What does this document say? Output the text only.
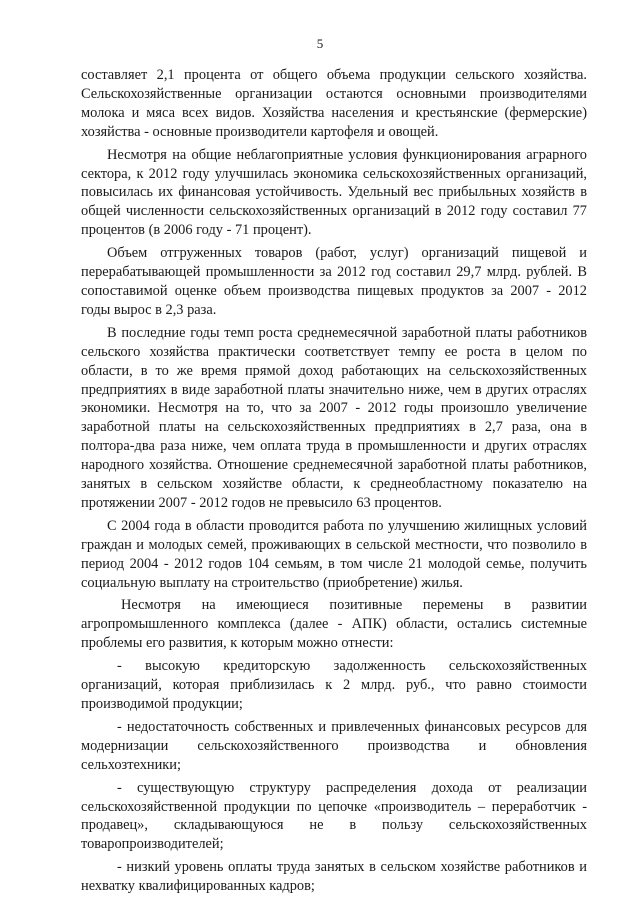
5

составляет 2,1 процента от общего объема продукции сельского хозяйства. Сельскохозяйственные организации остаются основными производителями молока и мяса всех видов. Хозяйства населения и крестьянские (фермерские) хозяйства - основные производители картофеля и овощей.

Несмотря на общие неблагоприятные условия функционирования аграрного сектора, к 2012 году улучшилась экономика сельскохозяйственных организаций, повысилась их финансовая устойчивость. Удельный вес прибыльных хозяйств в общей численности сельскохозяйственных организаций в 2012 году составил 77 процентов (в 2006 году - 71 процент).

Объем отгруженных товаров (работ, услуг) организаций пищевой и перерабатывающей промышленности за 2012 год составил 29,7 млрд. рублей. В сопоставимой оценке объем производства пищевых продуктов за 2007 - 2012 годы вырос в 2,3 раза.

В последние годы темп роста среднемесячной заработной платы работников сельского хозяйства практически соответствует темпу ее роста в целом по области, в то же время прямой доход работающих на сельскохозяйственных предприятиях в виде заработной платы значительно ниже, чем в других отраслях экономики. Несмотря на то, что за 2007 - 2012 годы произошло увеличение заработной платы на сельскохозяйственных предприятиях в 2,7 раза, она в полтора-два раза ниже, чем оплата труда в промышленности и других отраслях народного хозяйства. Отношение среднемесячной заработной платы работников, занятых в сельском хозяйстве области, к среднеобластному показателю на протяжении 2007 - 2012 годов не превысило 63 процентов.

С 2004 года в области проводится работа по улучшению жилищных условий граждан и молодых семей, проживающих в сельской местности, что позволило в период 2004 - 2012 годов 104 семьям, в том числе 21 молодой семье, получить социальную выплату на строительство (приобретение) жилья.

Несмотря на имеющиеся позитивные перемены в развитии агропромышленного комплекса (далее - АПК) области, остались системные проблемы его развития, к которым можно отнести:

- высокую кредиторскую задолженность сельскохозяйственных организаций, которая приблизилась к 2 млрд. руб., что равно стоимости производимой продукции;

- недостаточность собственных и привлеченных финансовых ресурсов для модернизации сельскохозяйственного производства и обновления сельхозтехники;

- существующую структуру распределения дохода от реализации сельскохозяйственной продукции по цепочке «производитель – переработчик - продавец», складывающуюся не в пользу сельскохозяйственных товаропроизводителей;

- низкий уровень оплаты труда занятых в сельском хозяйстве работников и нехватку квалифицированных кадров;
